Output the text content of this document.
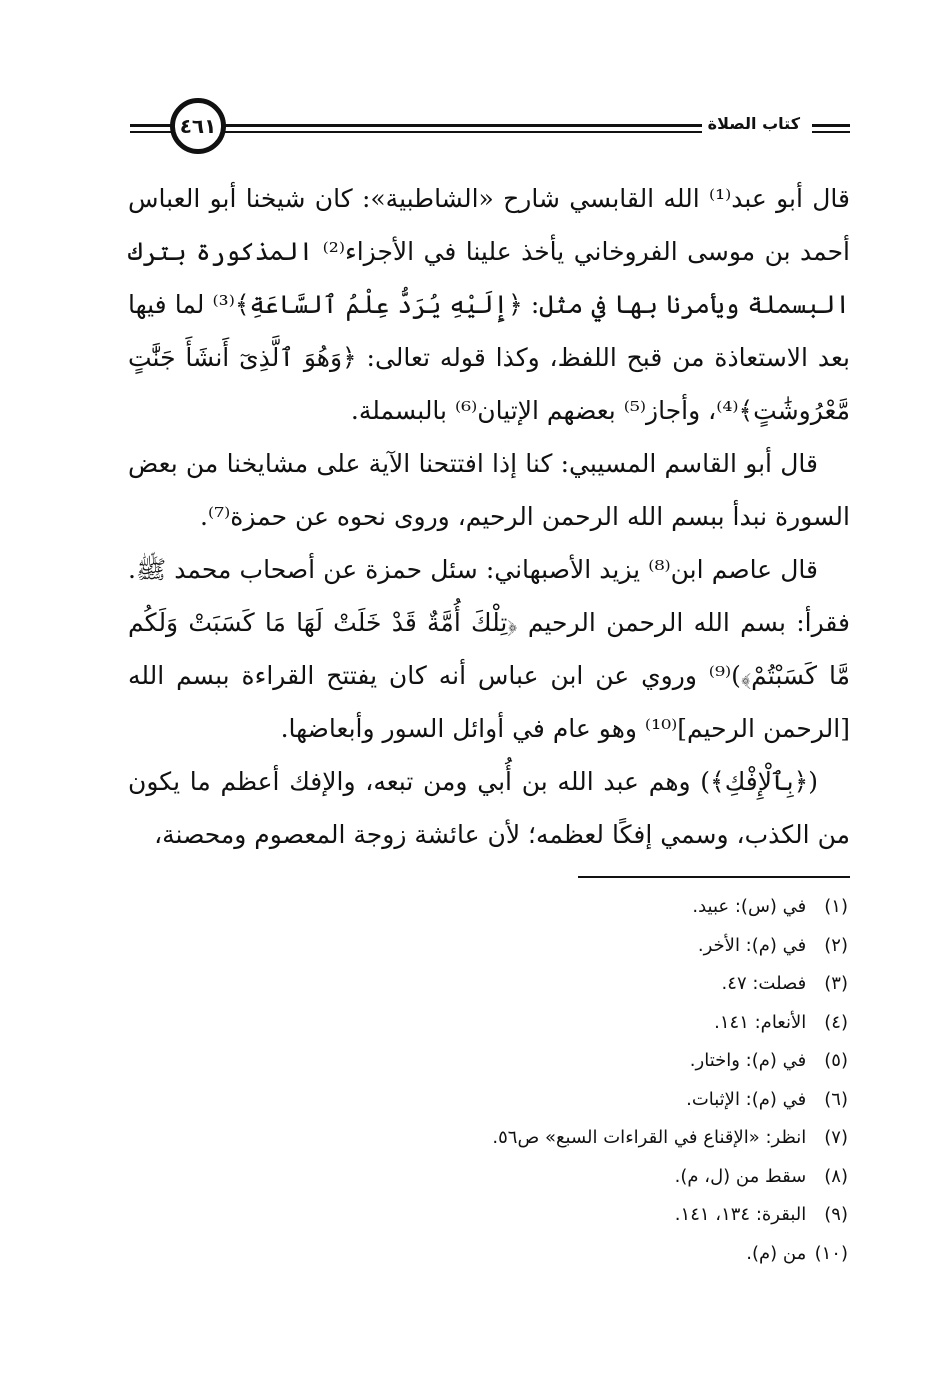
٤٦١	كتاب الصلاة

قال أبو عبد⁽¹⁾ الله القابسي شارح «الشاطبية»: كان شيخنا أبو العباس أحمد بن موسى الفروخاني يأخذ علينا في الأجزاء⁽²⁾ المذكورة بترك البسملة ويأمرنا بها في مثل: ﴿إِلَيْهِ يُرَدُّ عِلْمُ ٱلسَّاعَةِ﴾⁽³⁾ لما فيها بعد الاستعاذة من قبح اللفظ، وكذا قوله تعالى: ﴿وَهُوَ ٱلَّذِىٓ أَنشَأَ جَنَّٰتٍ مَّعْرُوشَٰتٍ﴾⁽⁴⁾، وأجاز⁽⁵⁾ بعضهم الإتيان⁽⁶⁾ بالبسملة.

قال أبو القاسم المسيبي: كنا إذا افتتحنا الآية على مشايخنا من بعض السورة نبدأ ببسم الله الرحمن الرحيم، وروى نحوه عن حمزة⁽⁷⁾.

قال عاصم ابن⁽⁸⁾ يزيد الأصبهاني: سئل حمزة عن أصحاب محمد ﷺ. فقرأ: بسم الله الرحمن الرحيم ﴿تِلْكَ أُمَّةٌ قَدْ خَلَتْ لَهَا مَا كَسَبَتْ وَلَكُم مَّا كَسَبْتُمْ﴾)⁽⁹⁾ وروي عن ابن عباس أنه كان يفتتح القراءة ببسم الله [الرحمن الرحيم]⁽¹⁰⁾ وهو عام في أوائل السور وأبعاضها.

(﴿بِٱلْإِفْكِ﴾) وهم عبد الله بن أُبي ومن تبعه، والإفك أعظم ما يكون من الكذب، وسمي إفكًا لعظمه؛ لأن عائشة زوجة المعصوم ومحصنة،

(١) في (س): عبيد.
(٢) في (م): الأخر.
(٣) فصلت: ٤٧.
(٤) الأنعام: ١٤١.
(٥) في (م): واختار.
(٦) في (م): الإثبات.
(٧) انظر: «الإقناع في القراءات السبع» ص٥٦.
(٨) سقط من (ل، م).
(٩) البقرة: ١٣٤، ١٤١.
(١٠) من (م).
